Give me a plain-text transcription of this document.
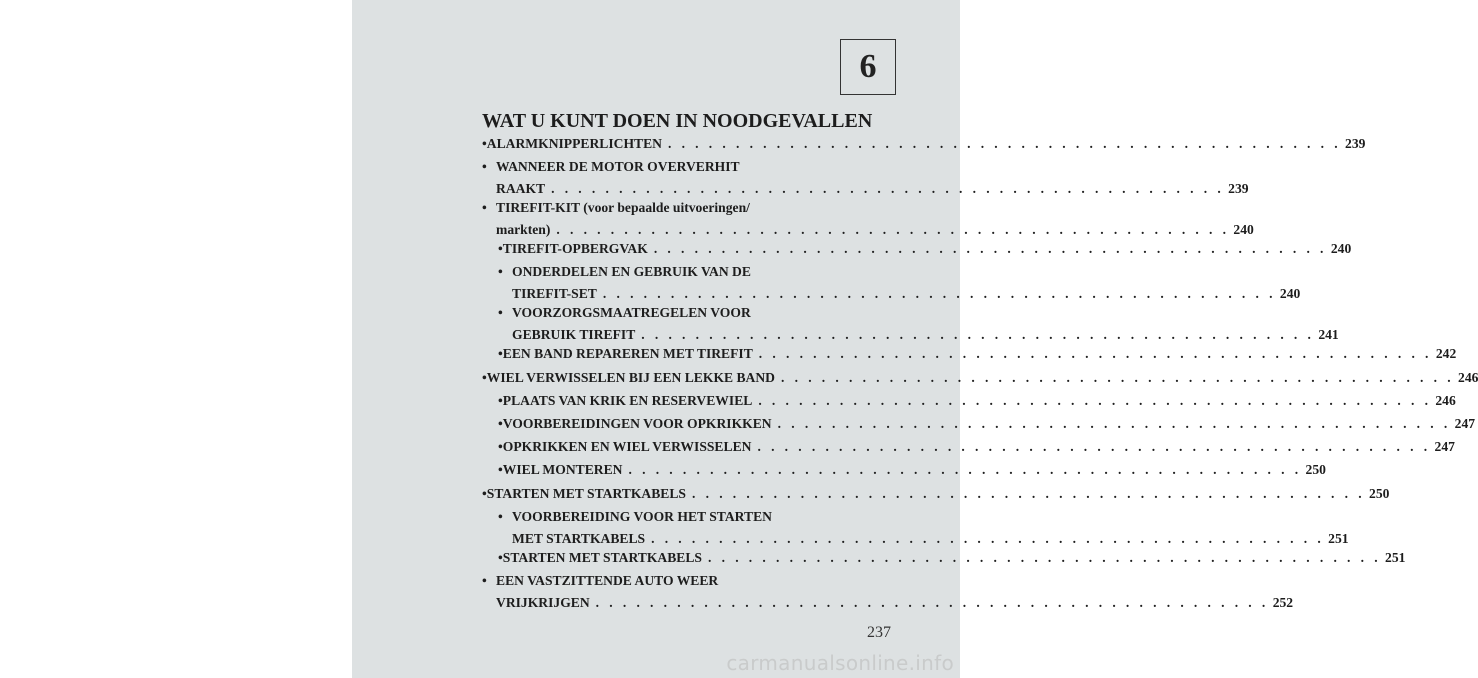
6
WAT U KUNT DOEN IN NOODGEVALLEN
• ALARMKNIPPERLICHTEN . . . . . . . . . . . . . . . . . . . . . . . . . . . . . . . . . . . . . . . . . . . . . . . . . . 239
• WANNEER DE MOTOR OVERVERHIT
RAAKT . . . . . . . . . . . . . . . . . . . . . . . . . . . . . . . . . . . . . . . . . . . . . . . . . . 239
• TIREFIT-KIT (voor bepaalde uitvoeringen/
markten) . . . . . . . . . . . . . . . . . . . . . . . . . . . . . . . . . . . . . . . . . . . . . . . . . . 240
• TIREFIT-OPBERGVAK . . . . . . . . . . . . . . . . . . . . . . . . . . . . . . . . . . . . . . . . . . . . . . . . . . 240
• ONDERDELEN EN GEBRUIK VAN DE
TIREFIT-SET . . . . . . . . . . . . . . . . . . . . . . . . . . . . . . . . . . . . . . . . . . . . . . . . . . 240
• VOORZORGSMAATREGELEN VOOR
GEBRUIK TIREFIT . . . . . . . . . . . . . . . . . . . . . . . . . . . . . . . . . . . . . . . . . . . . . . . . . . 241
• EEN BAND REPAREREN MET TIREFIT . . . . . . . . . . . . . . . . . . . . . . . . . . . . . . . . . . . . . . . . . . . . . . . . . . 242
• WIEL VERWISSELEN BIJ EEN LEKKE BAND . . . . . . . . . . . . . . . . . . . . . . . . . . . . . . . . . . . . . . . . . . . . . . . . . . 246
• PLAATS VAN KRIK EN RESERVEWIEL . . . . . . . . . . . . . . . . . . . . . . . . . . . . . . . . . . . . . . . . . . . . . . . . . . 246
• VOORBEREIDINGEN VOOR OPKRIKKEN . . . . . . . . . . . . . . . . . . . . . . . . . . . . . . . . . . . . . . . . . . . . . . . . . . 247
• OPKRIKKEN EN WIEL VERWISSELEN . . . . . . . . . . . . . . . . . . . . . . . . . . . . . . . . . . . . . . . . . . . . . . . . . . 247
• WIEL MONTEREN . . . . . . . . . . . . . . . . . . . . . . . . . . . . . . . . . . . . . . . . . . . . . . . . . . 250
• STARTEN MET STARTKABELS . . . . . . . . . . . . . . . . . . . . . . . . . . . . . . . . . . . . . . . . . . . . . . . . . . 250
• VOORBEREIDING VOOR HET STARTEN
MET STARTKABELS . . . . . . . . . . . . . . . . . . . . . . . . . . . . . . . . . . . . . . . . . . . . . . . . . . 251
• STARTEN MET STARTKABELS . . . . . . . . . . . . . . . . . . . . . . . . . . . . . . . . . . . . . . . . . . . . . . . . . . 251
• EEN VASTZITTENDE AUTO WEER
VRIJKRIJGEN . . . . . . . . . . . . . . . . . . . . . . . . . . . . . . . . . . . . . . . . . . . . . . . . . . 252
237
carmanualsonline.info
